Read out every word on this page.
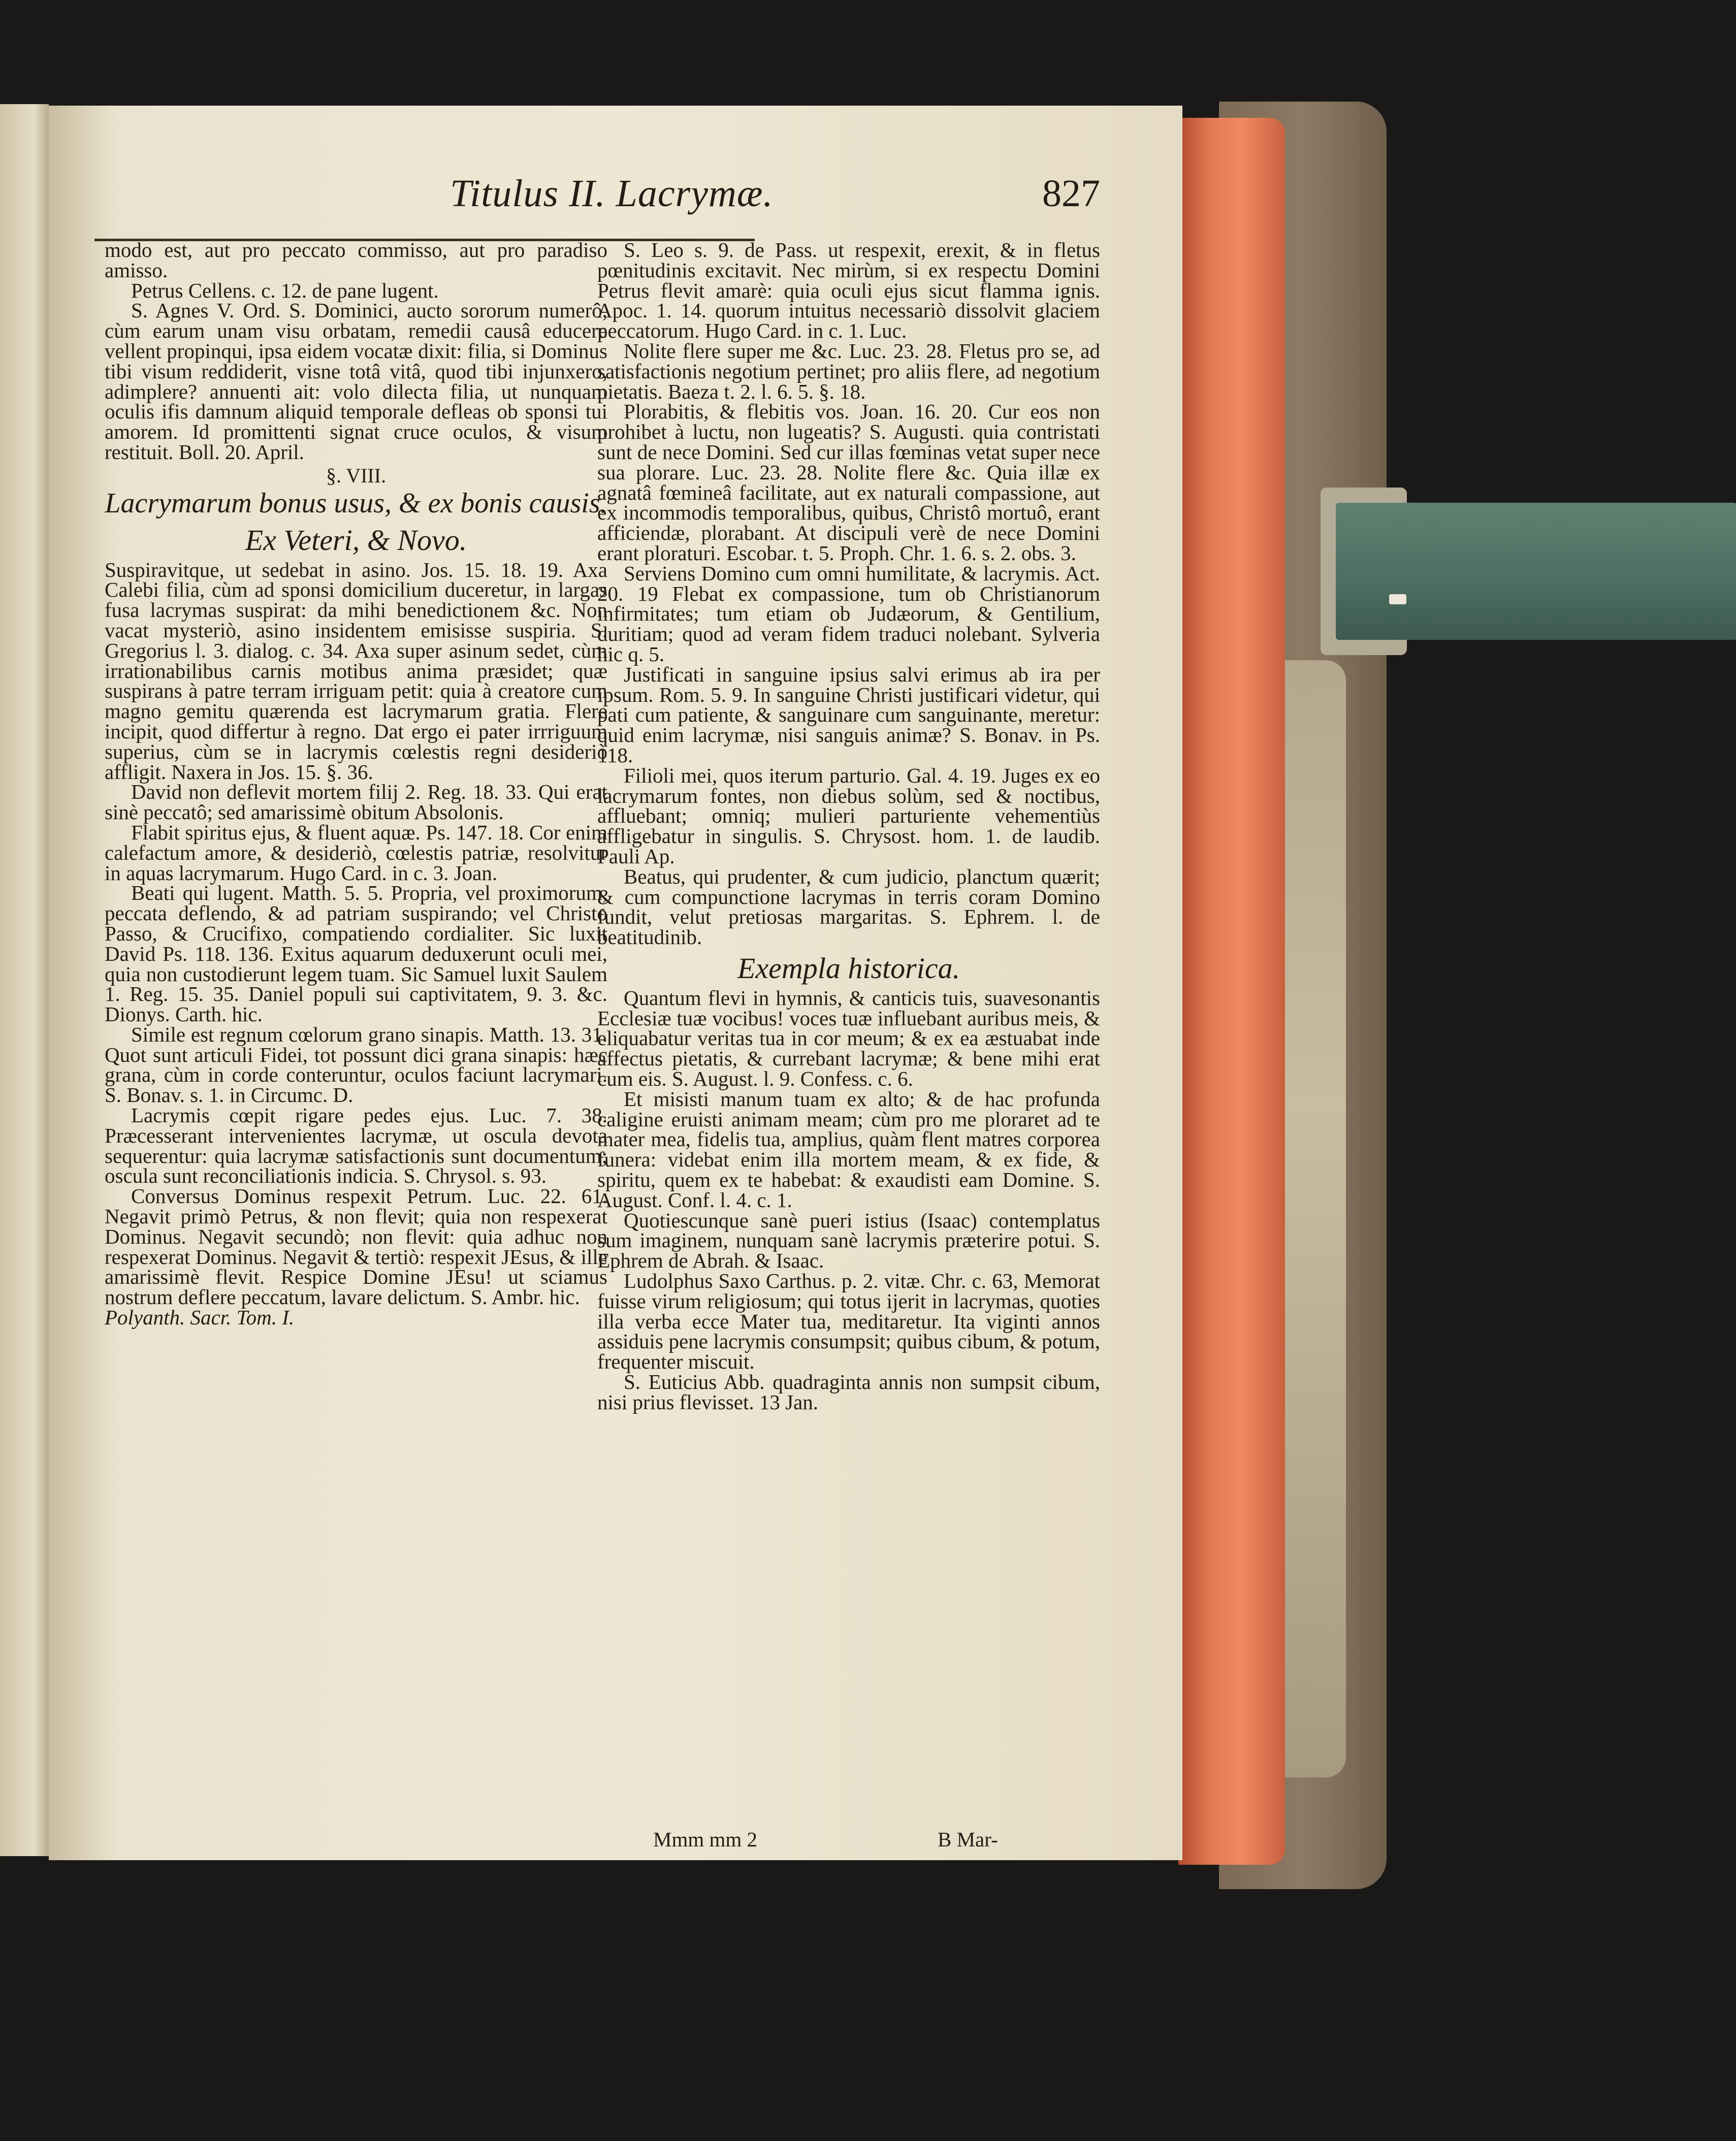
Titulus II. Lacrymæ.	827

modo est, aut pro peccato commisso, aut pro paradiso amisso.

Petrus Cellens. c. 12. de pane lugent.

S. Agnes V. Ord. S. Dominici, aucto sororum numerô, cùm earum unam visu orbatam, remedii causâ educere vellent propinqui, ipsa eidem vocatæ dixit: filia, si Dominus tibi visum reddiderit, visne totâ vitâ, quod tibi injunxero, adimplere? annuenti ait: volo dilecta filia, ut nunquam oculis ifis damnum aliquid temporale defleas ob sponsi tui amorem. Id promittenti signat cruce oculos, & visum restituit. Boll. 20. April.

§. VIII.

Lacrymarum bonus usus, & ex bonis causis.

Ex Veteri, & Novo.

Suspiravitque, ut sedebat in asino. Jos. 15. 18. 19. Axa Calebi filia, cùm ad sponsi domicilium duceretur, in largas fusa lacrymas suspirat: da mihi benedictionem &c. Non vacat mysteriò, asino insidentem emisisse suspiria. S. Gregorius l. 3. dialog. c. 34. Axa super asinum sedet, cùm irrationabilibus carnis motibus anima præsidet; quæ suspirans à patre terram irriguam petit: quia à creatore cum magno gemitu quærenda est lacrymarum gratia. Flere incipit, quod differtur à regno. Dat ergo ei pater irrriguum superius, cùm se in lacrymis cœlestis regni desideriò affligit. Naxera in Jos. 15. §. 36.

David non deflevit mortem filij 2. Reg. 18. 33. Qui erat sinè peccatô; sed amarissimè obitum Absolonis.

Flabit spiritus ejus, & fluent aquæ. Ps. 147. 18. Cor enim calefactum amore, & desideriò, cœlestis patriæ, resolvitur in aquas lacrymarum. Hugo Card. in c. 3. Joan.

Beati qui lugent. Matth. 5. 5. Propria, vel proximorum, peccata deflendo, & ad patriam suspirando; vel Christo Passo, & Crucifixo, compatiendo cordialiter. Sic luxit David Ps. 118. 136. Exitus aquarum deduxerunt oculi mei, quia non custodierunt legem tuam. Sic Samuel luxit Saulem 1. Reg. 15. 35. Daniel populi sui captivitatem, 9. 3. &c. Dionys. Carth. hic.

Simile est regnum cœlorum grano sinapis. Matth. 13. 31. Quot sunt articuli Fidei, tot possunt dici grana sinapis: hæc grana, cùm in corde conteruntur, oculos faciunt lacrymari. S. Bonav. s. 1. in Circumc. D.

Lacrymis cœpit rigare pedes ejus. Luc. 7. 38. Præcesserant intervenientes lacrymæ, ut oscula devota sequerentur: quia lacrymæ satisfactionis sunt documentum; oscula sunt reconciliationis indicia. S. Chrysol. s. 93.

Conversus Dominus respexit Petrum. Luc. 22. 61. Negavit primò Petrus, & non flevit; quia non respexerat Dominus. Negavit secundò; non flevit: quia adhuc non respexerat Dominus. Negavit & tertiò: respexit JEsus, & ille amarissimè flevit. Respice Domine JEsu! ut sciamus nostrum deflere peccatum, lavare delictum. S. Ambr. hic.

Polyanth. Sacr. Tom. I.

S. Leo s. 9. de Pass. ut respexit, erexit, & in fletus pœnitudinis excitavit. Nec mirùm, si ex respectu Domini Petrus flevit amarè: quia oculi ejus sicut flamma ignis. Apoc. 1. 14. quorum intuitus necessariò dissolvit glaciem peccatorum. Hugo Card. in c. 1. Luc.

Nolite flere super me &c. Luc. 23. 28. Fletus pro se, ad satisfactionis negotium pertinet; pro aliis flere, ad negotium pietatis. Baeza t. 2. l. 6. 5. §. 18.

Plorabitis, & flebitis vos. Joan. 16. 20. Cur eos non prohibet à luctu, non lugeatis? S. Augusti. quia contristati sunt de nece Domini. Sed cur illas fœminas vetat super nece sua plorare. Luc. 23. 28. Nolite flere &c. Quia illæ ex agnatâ fœmineâ facilitate, aut ex naturali compassione, aut ex incommodis temporalibus, quibus, Christô mortuô, erant afficiendæ, plorabant. At discipuli verè de nece Domini erant ploraturi. Escobar. t. 5. Proph. Chr. 1. 6. s. 2. obs. 3.

Serviens Domino cum omni humilitate, & lacrymis. Act. 20. 19 Flebat ex compassione, tum ob Christianorum infirmitates; tum etiam ob Judæorum, & Gentilium, duritiam; quod ad veram fidem traduci nolebant. Sylveria hic q. 5.

Justificati in sanguine ipsius salvi erimus ab ira per ipsum. Rom. 5. 9. In sanguine Christi justificari videtur, qui pati cum patiente, & sanguinare cum sanguinante, meretur: quid enim lacrymæ, nisi sanguis animæ? S. Bonav. in Ps. 118.

Filioli mei, quos iterum parturio. Gal. 4. 19. Juges ex eo lacrymarum fontes, non diebus solùm, sed & noctibus, affluebant; omniq; mulieri parturiente vehementiùs affligebatur in singulis. S. Chrysost. hom. 1. de laudib. Pauli Ap.

Beatus, qui prudenter, & cum judicio, planctum quærit; & cum compunctione lacrymas in terris coram Domino fundit, velut pretiosas margaritas. S. Ephrem. l. de beatitudinib.

Exempla historica.

Quantum flevi in hymnis, & canticis tuis, suavesonantis Ecclesiæ tuæ vocibus! voces tuæ influebant auribus meis, & eliquabatur veritas tua in cor meum; & ex ea æstuabat inde affectus pietatis, & currebant lacrymæ; & bene mihi erat cum eis. S. August. l. 9. Confess. c. 6.

Et misisti manum tuam ex alto; & de hac profunda caligine eruisti animam meam; cùm pro me ploraret ad te mater mea, fidelis tua, amplius, quàm flent matres corporea funera: videbat enim illa mortem meam, & ex fide, & spiritu, quem ex te habebat: & exaudisti eam Domine. S. August. Conf. l. 4. c. 1.

Quotiescunque sanè pueri istius (Isaac) contemplatus sum imaginem, nunquam sanè lacrymis præterire potui. S. Ephrem de Abrah. & Isaac.

Ludolphus Saxo Carthus. p. 2. vitæ. Chr. c. 63, Memorat fuisse virum religiosum; qui totus ijerit in lacrymas, quoties illa verba ecce Mater tua, meditaretur. Ita viginti annos assiduis pene lacrymis consumpsit; quibus cibum, & potum, frequenter miscuit.

S. Euticius Abb. quadraginta annis non sumpsit cibum, nisi prius flevisset. 13 Jan.

Mmm mm 2	B Mar-
